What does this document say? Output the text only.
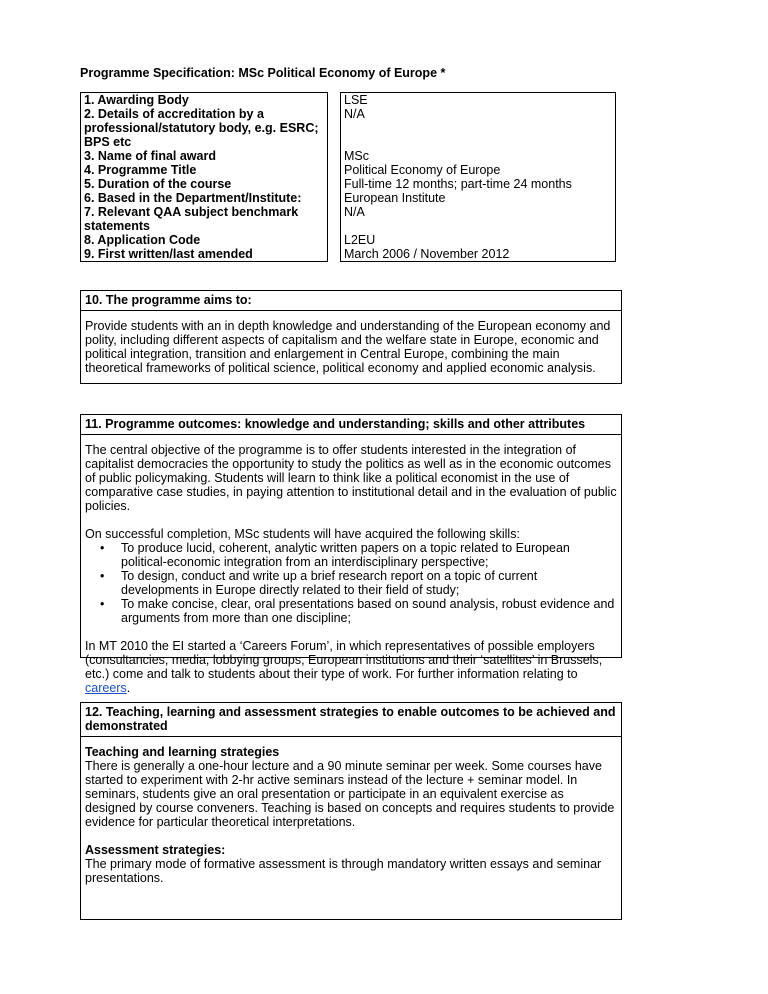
Programme Specification: MSc Political Economy of Europe *
1. Awarding Body		LSE
2. Details of accreditation by a professional/statutory body, e.g. ESRC; BPS etc		N/A
3. Name of final award		MSc
4. Programme Title		Political Economy of Europe
5. Duration of the course		Full-time 12 months; part-time 24 months
6. Based in the Department/Institute:		European Institute
7. Relevant QAA subject benchmark statements		N/A
8. Application Code		L2EU
9. First written/last amended		March 2006 / November 2012
10. The programme aims to:

Provide students with an in depth knowledge and understanding of the European economy and polity, including different aspects of capitalism and the welfare state in Europe, economic and political integration, transition and enlargement in Central Europe, combining the main theoretical frameworks of political science, political economy and applied economic analysis.

11. Programme outcomes: knowledge and understanding; skills and other attributes

The central objective of the programme is to offer students interested in the integration of capitalist democracies the opportunity to study the politics as well as in the economic outcomes of public policymaking. Students will learn to think like a political economist in the use of comparative case studies, in paying attention to institutional detail and in the evaluation of public policies.

On successful completion, MSc students will have acquired the following skills:

• To produce lucid, coherent, analytic written papers on a topic related to European political-economic integration from an interdisciplinary perspective;
• To design, conduct and write up a brief research report on a topic of current developments in Europe directly related to their field of study;
• To make concise, clear, oral presentations based on sound analysis, robust evidence and arguments from more than one discipline;

In MT 2010 the EI started a ‘Careers Forum’, in which representatives of possible employers (consultancies, media, lobbying groups, European institutions and their ‘satellites’ in Brussels, etc.) come and talk to students about their type of work. For further information relating to careers.

12. Teaching, learning and assessment strategies to enable outcomes to be achieved and demonstrated
Teaching and learning strategies

There is generally a one-hour lecture and a 90 minute seminar per week. Some courses have started to experiment with 2-hr active seminars instead of the lecture + seminar model. In seminars, students give an oral presentation or participate in an equivalent exercise as designed by course conveners. Teaching is based on concepts and requires students to provide evidence for particular theoretical interpretations.

Assessment strategies:

The primary mode of formative assessment is through mandatory written essays and seminar presentations.
